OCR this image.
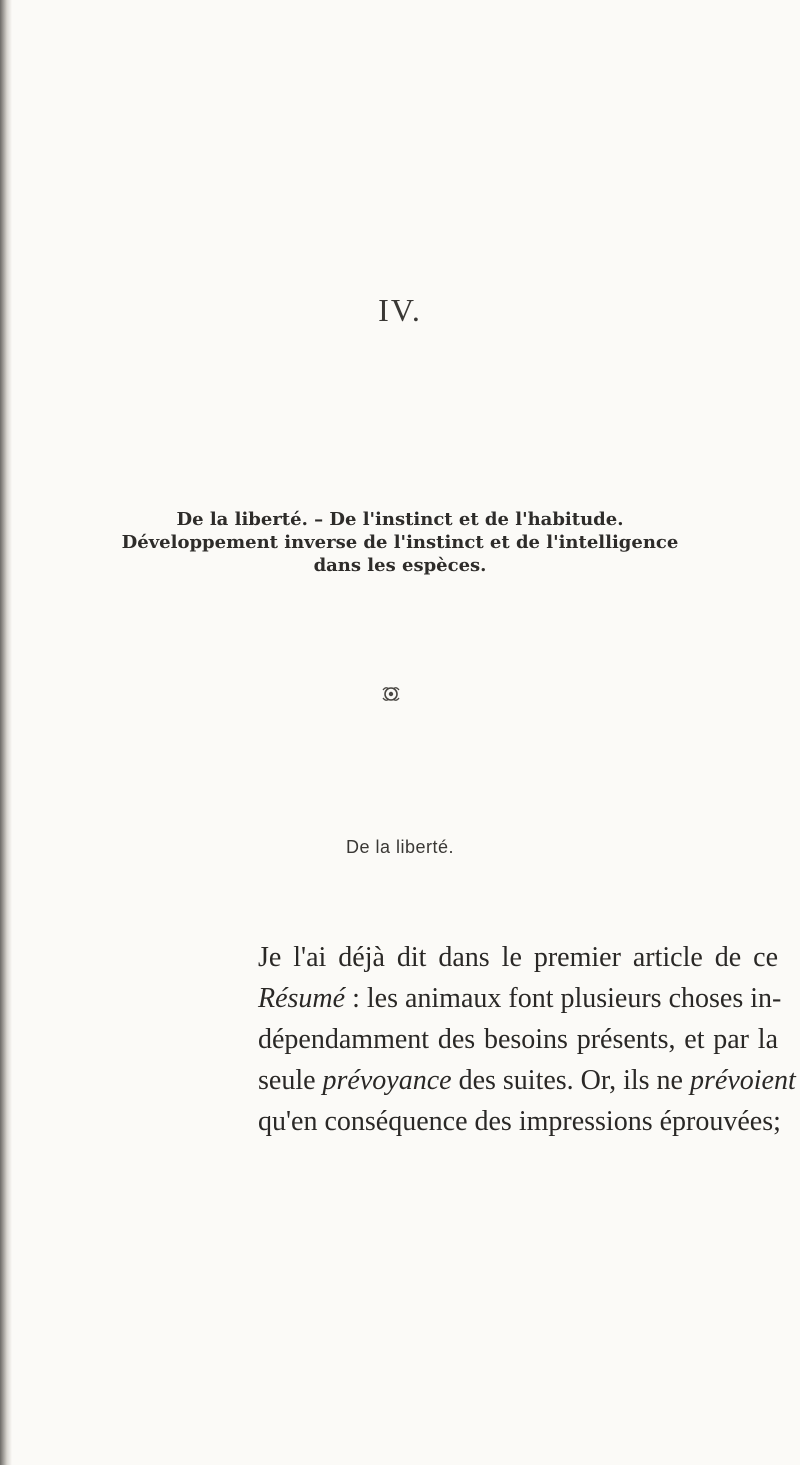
IV.
De la liberté. – De l'instinct et de l'habitude.
Développement inverse de l'instinct et de l'intelligence
dans les espèces.
De la liberté.
Je l'ai déjà dit dans le premier article de ce
Résumé : les animaux font plusieurs choses in-
dépendamment des besoins présents, et par la
seule prévoyance des suites. Or, ils ne prévoient
qu'en conséquence des impressions éprouvées;
